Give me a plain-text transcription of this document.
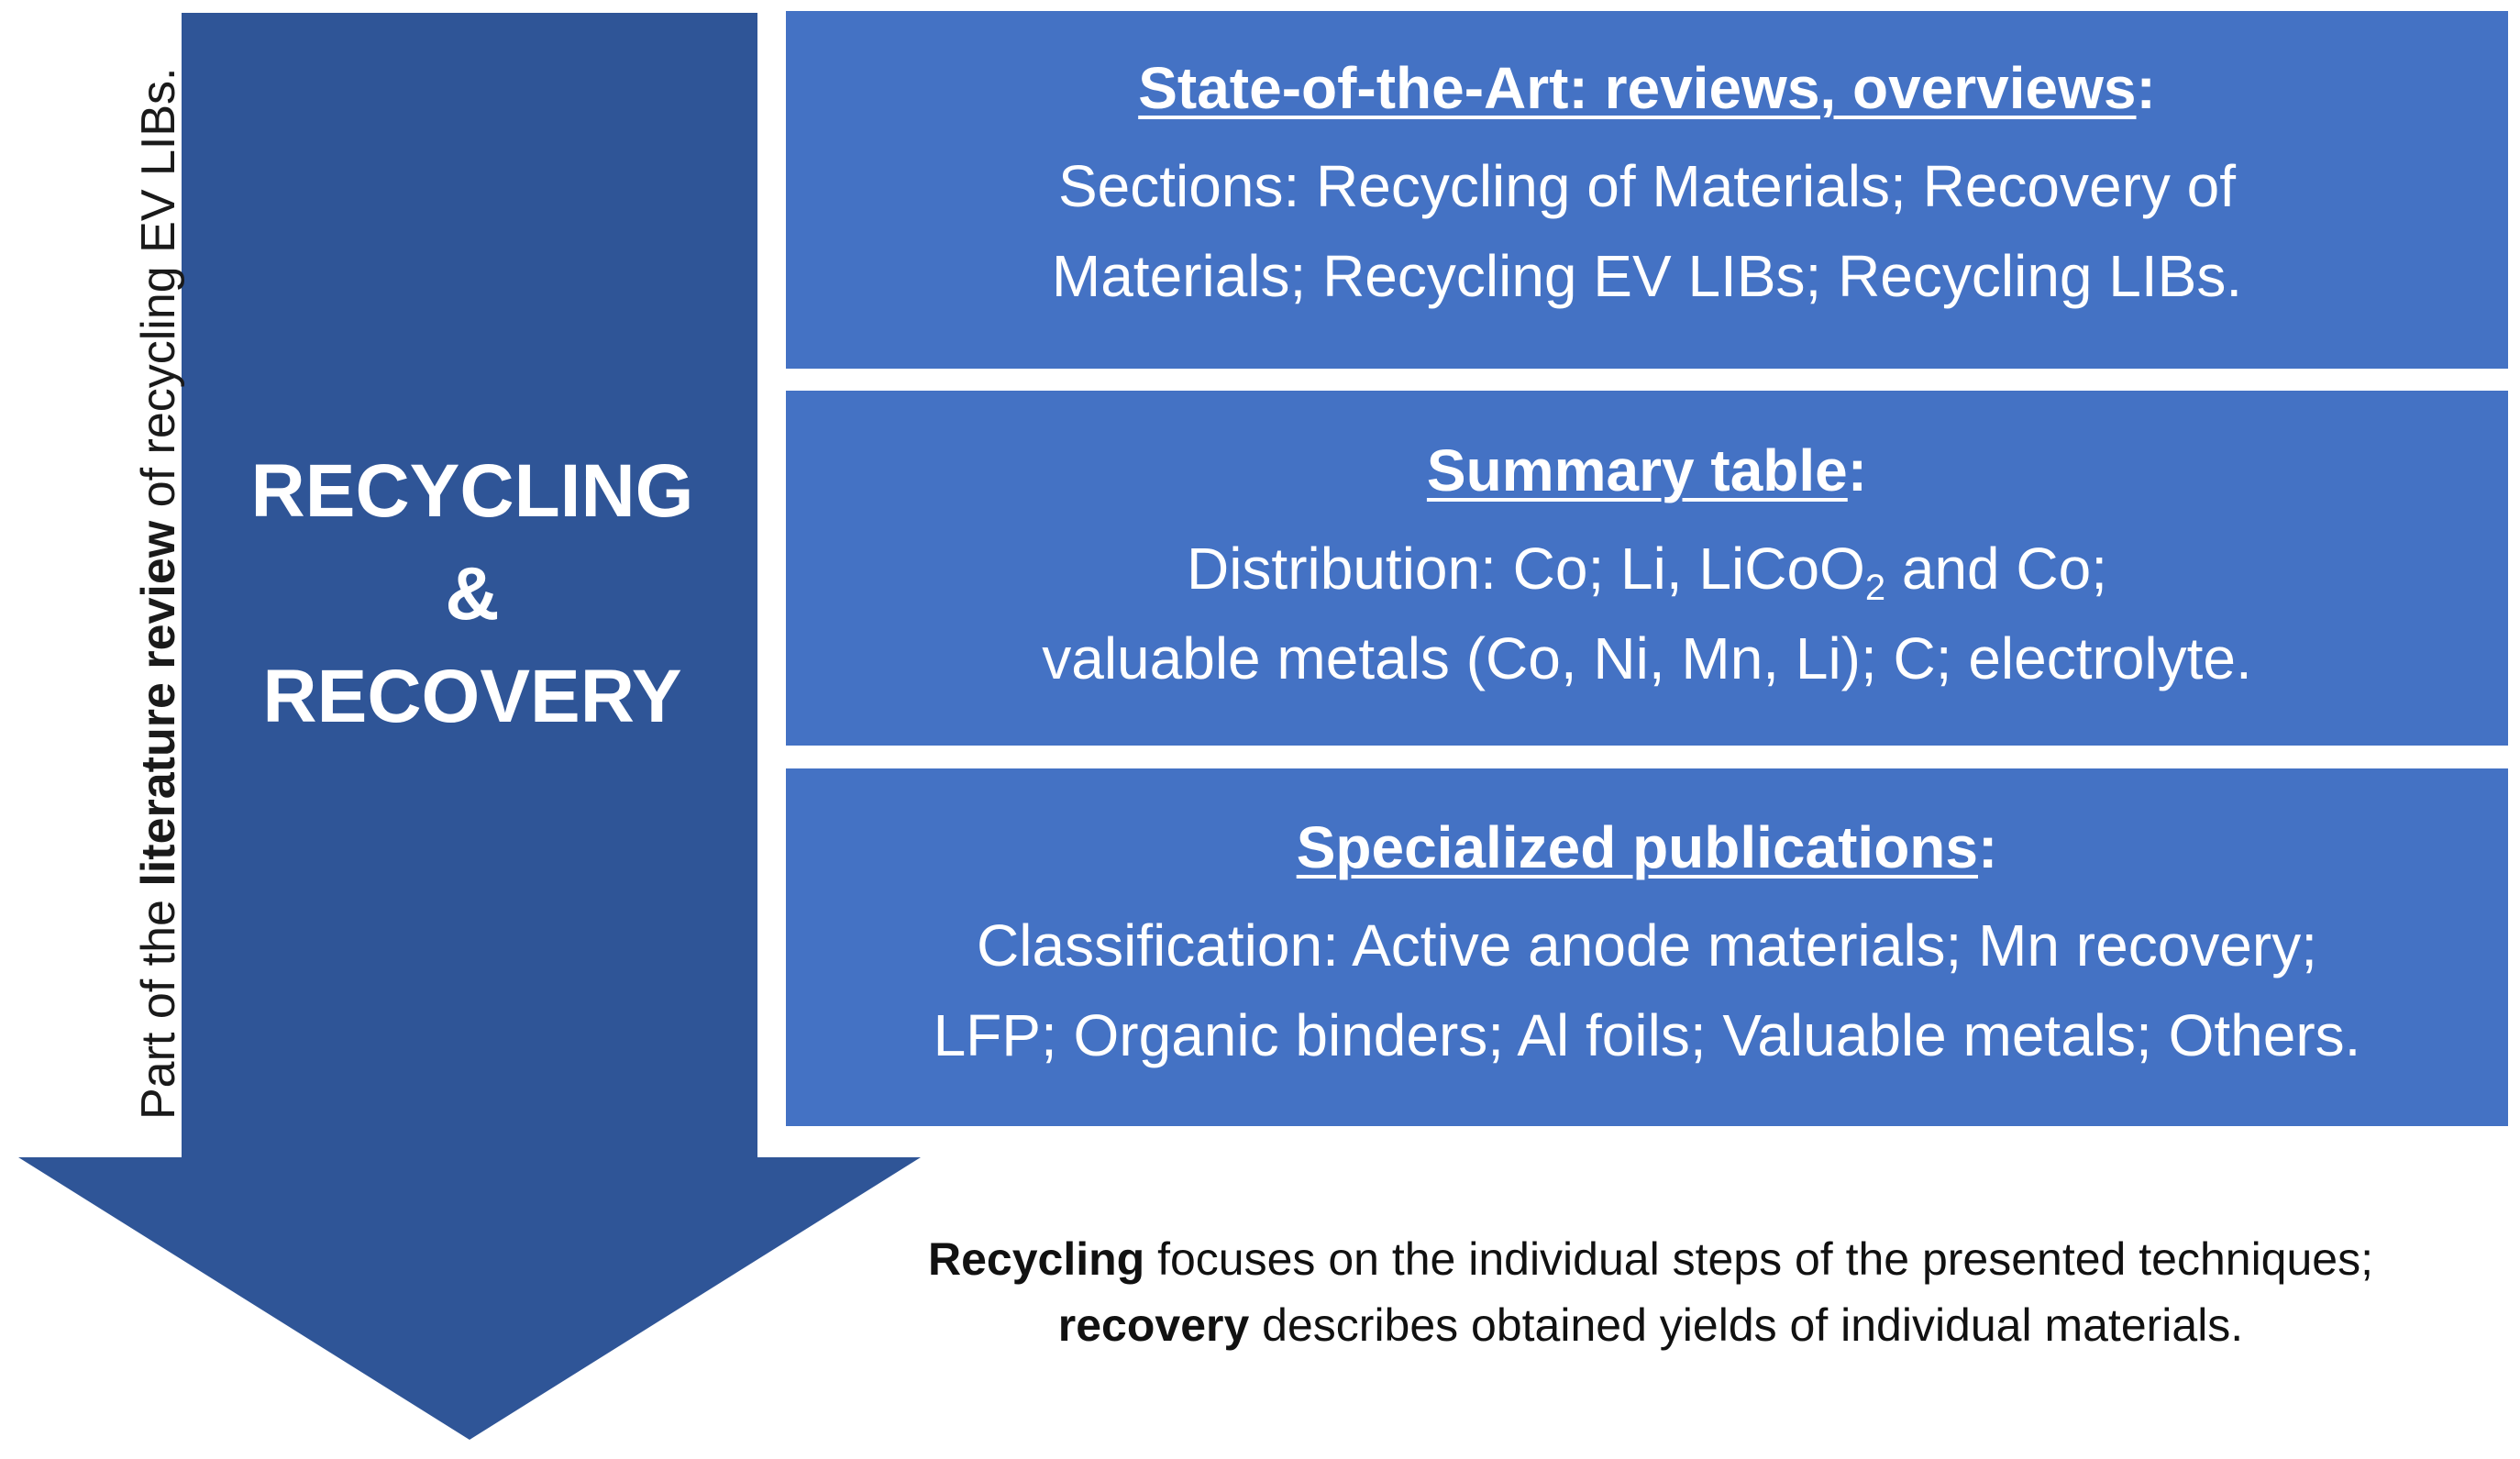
Part of the literature review of recycling EV LIBs. RECYCLING
&
RECOVERY
State-of-the-Art: reviews, overviews:
Sections: Recycling of Materials; Recovery of
Materials; Recycling EV LIBs; Recycling LIBs.
Summary table:
Distribution: Co; Li, LiCoO$_2$ and Co;
valuable metals (Co, Ni, Mn, Li); C; electrolyte.
Specialized publications:
Classification: Active anode materials; Mn recovery;
LFP; Organic binders; Al foils; Valuable metals; Others.
Recycling focuses on the individual steps of the presented techniques;
recovery describes obtained yields of individual materials.
